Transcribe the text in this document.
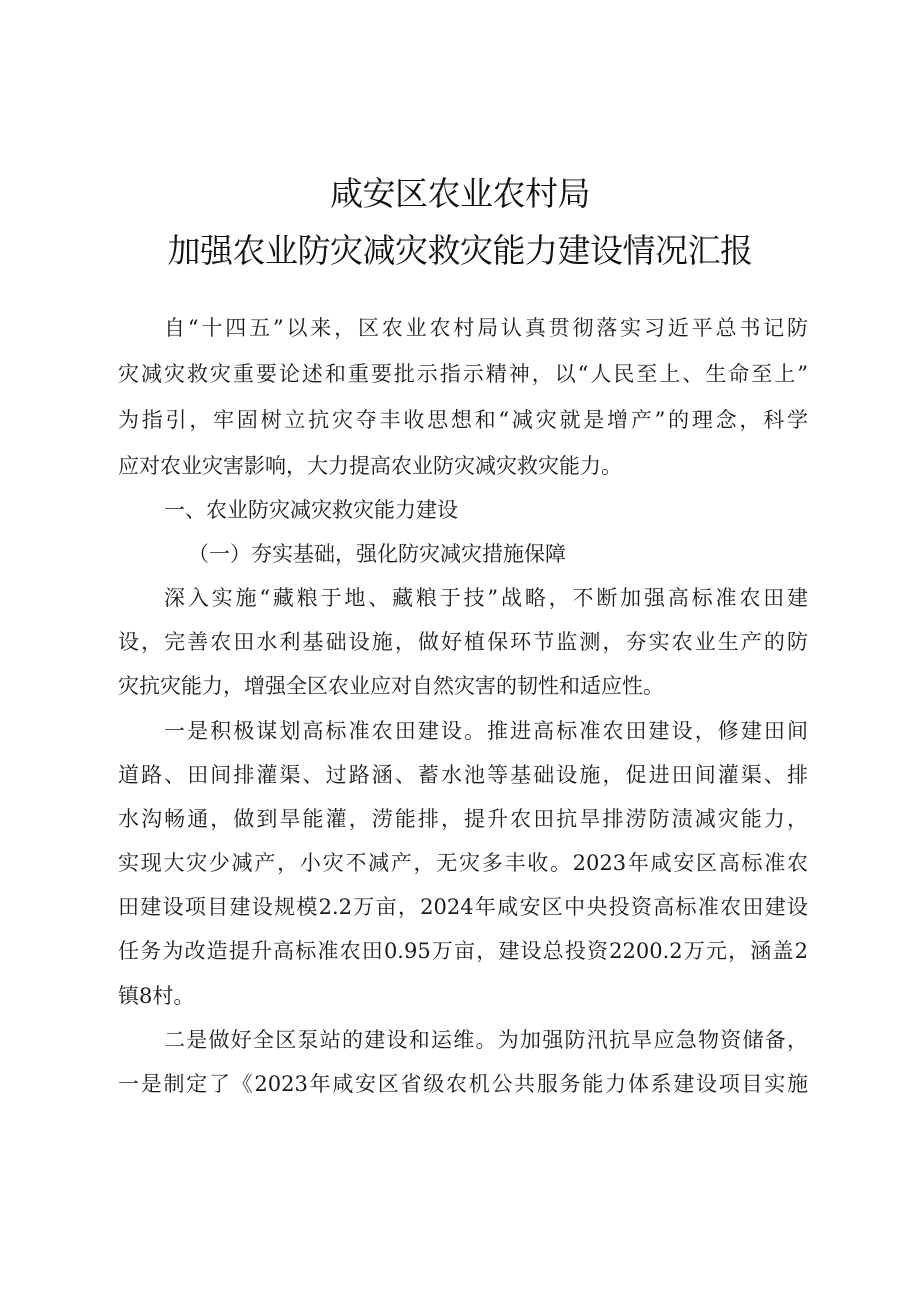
咸安区农业农村局
加强农业防灾减灾救灾能力建设情况汇报
自“十四五”以来，区农业农村局认真贯彻落实习近平总书记防
灾减灾救灾重要论述和重要批示指示精神，以“人民至上、生命至上”
为指引，牢固树立抗灾夺丰收思想和“减灾就是增产”的理念，科学
应对农业灾害影响，大力提高农业防灾减灾救灾能力。
一、农业防灾减灾救灾能力建设
（一）夯实基础，强化防灾减灾措施保障
深入实施“藏粮于地、藏粮于技”战略，不断加强高标准农田建
设，完善农田水利基础设施，做好植保环节监测，夯实农业生产的防
灾抗灾能力，增强全区农业应对自然灾害的韧性和适应性。
一是积极谋划高标准农田建设。推进高标准农田建设，修建田间
道路、田间排灌渠、过路涵、蓄水池等基础设施，促进田间灌渠、排
水沟畅通，做到旱能灌，涝能排，提升农田抗旱排涝防渍减灾能力，
实现大灾少减产，小灾不减产，无灾多丰收。2023年咸安区高标准农
田建设项目建设规模2.2万亩，2024年咸安区中央投资高标准农田建设
任务为改造提升高标准农田0.95万亩，建设总投资2200.2万元，涵盖2
镇8村。
二是做好全区泵站的建设和运维。为加强防汛抗旱应急物资储备，
一是制定了《2023年咸安区省级农机公共服务能力体系建设项目实施
